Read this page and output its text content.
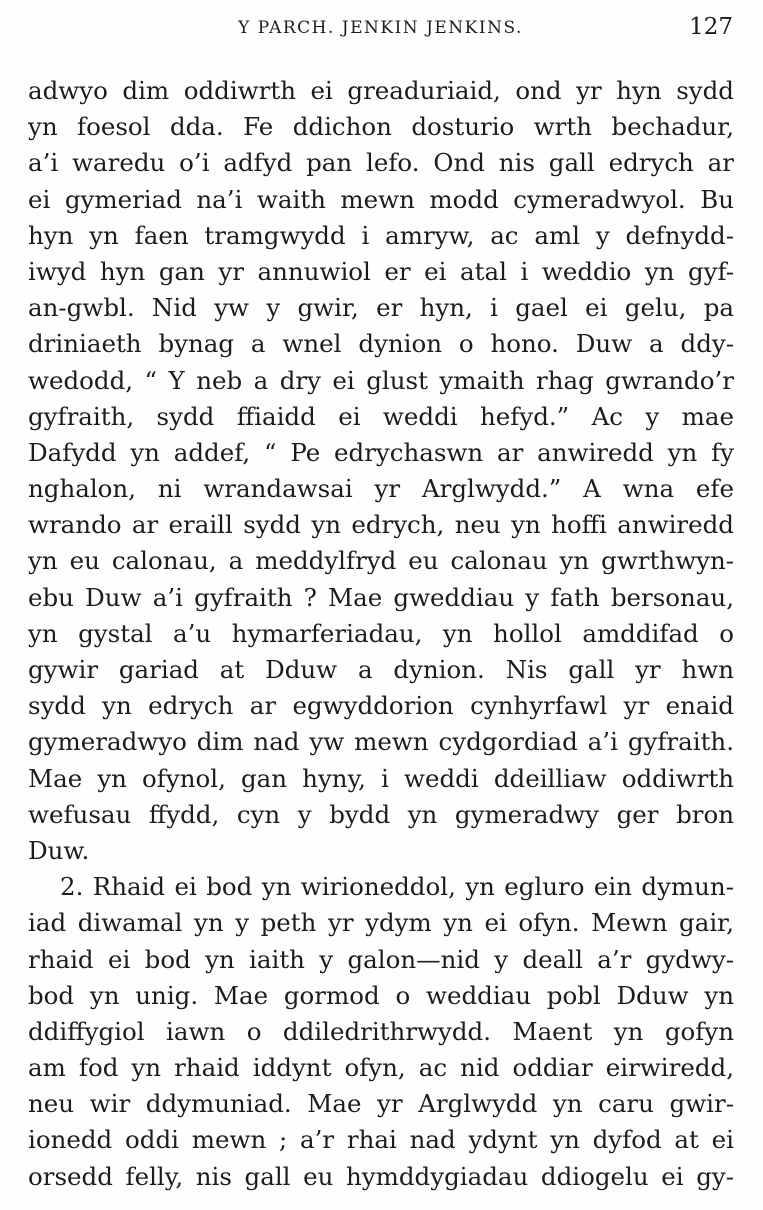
Y PARCH. JENKIN JENKINS.	127
adwyo dim oddiwrth ei greaduriaid, ond yr hyn sydd
yn foesol dda. Fe ddichon dosturio wrth bechadur,
a’i waredu o’i adfyd pan lefo. Ond nis gall edrych ar
ei gymeriad na’i waith mewn modd cymeradwyol. Bu
hyn yn faen tramgwydd i amryw, ac aml y defnydd-
iwyd hyn gan yr annuwiol er ei atal i weddio yn gyf-
an-gwbl. Nid yw y gwir, er hyn, i gael ei gelu, pa
driniaeth bynag a wnel dynion o hono. Duw a ddy-
wedodd, “ Y neb a dry ei glust ymaith rhag gwrando’r
gyfraith, sydd ffiaidd ei weddi hefyd.” Ac y mae
Dafydd yn addef, “ Pe edrychaswn ar anwiredd yn fy
nghalon, ni wrandawsai yr Arglwydd.” A wna efe
wrando ar eraill sydd yn edrych, neu yn hoffi anwiredd
yn eu calonau, a meddylfryd eu calonau yn gwrthwyn-
ebu Duw a’i gyfraith ? Mae gweddiau y fath bersonau,
yn gystal a’u hymarferiadau, yn hollol amddifad o
gywir gariad at Dduw a dynion. Nis gall yr hwn
sydd yn edrych ar egwyddorion cynhyrfawl yr enaid
gymeradwyo dim nad yw mewn cydgordiad a’i gyfraith.
Mae yn ofynol, gan hyny, i weddi ddeilliaw oddiwrth
wefusau ffydd, cyn y bydd yn gymeradwy ger bron
Duw.
2. Rhaid ei bod yn wirioneddol, yn egluro ein dymun-
iad diwamal yn y peth yr ydym yn ei ofyn. Mewn gair,
rhaid ei bod yn iaith y galon—nid y deall a’r gydwy-
bod yn unig. Mae gormod o weddiau pobl Dduw yn
ddiffygiol iawn o ddiledrithrwydd. Maent yn gofyn
am fod yn rhaid iddynt ofyn, ac nid oddiar eirwiredd,
neu wir ddymuniad. Mae yr Arglwydd yn caru gwir-
ionedd oddi mewn ; a’r rhai nad ydynt yn dyfod at ei
orsedd felly, nis gall eu hymddygiadau ddiogelu ei gy-
